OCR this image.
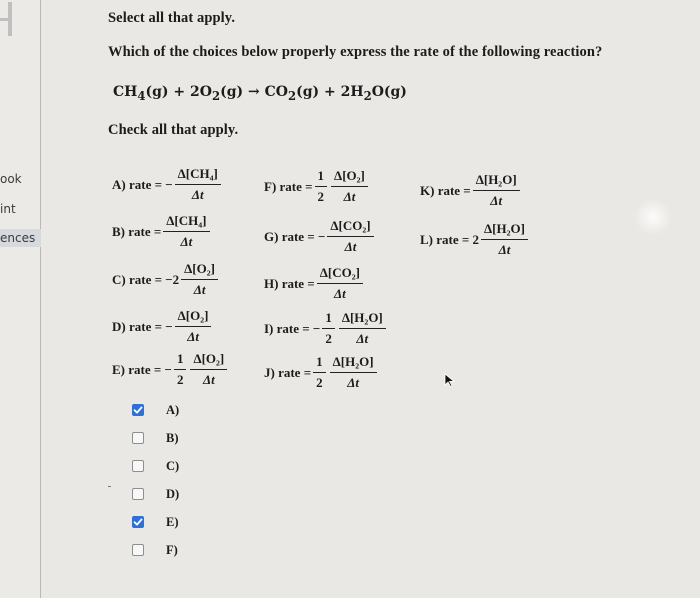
ook
int
ences
Select all that apply.
Which of the choices below properly express the rate of the following reaction?
$CH_4(g) + 2O_2(g) \to CO_2(g) + 2H_2O(g)$
Check all that apply.
A) rate = − $\frac{\text{Δ[CH₄]}}{\Delta t}$
B) rate = $\frac{\text{Δ[CH₄]}}{\Delta t}$
C) rate = $-2 \frac{\text{Δ[O₂]}}{\Delta t}$
D) rate = − $\frac{\text{Δ[O₂]}}{\Delta t}$
E) rate = − $\frac{1}{2} \frac{\text{Δ[O₂]}}{\Delta t}$
F) rate = $\frac{1}{2} \frac{\text{Δ[O₂]}}{\Delta t}$
G) rate = − $\frac{\text{Δ[CO₂]}}{\Delta t}$
H) rate = $\frac{\text{Δ[CO₂]}}{\Delta t}$
I) rate = − $\frac{1}{2} \frac{\text{Δ[H₂O]}}{\Delta t}$
J) rate = $\frac{1}{2} \frac{\text{Δ[H₂O]}}{\Delta t}$
K) rate = $\frac{\text{Δ[H₂O]}}{\Delta t}$
L) rate = $2 \frac{\text{Δ[H₂O]}}{\Delta t}$
A)
B)
C)
D)
E)
F)
